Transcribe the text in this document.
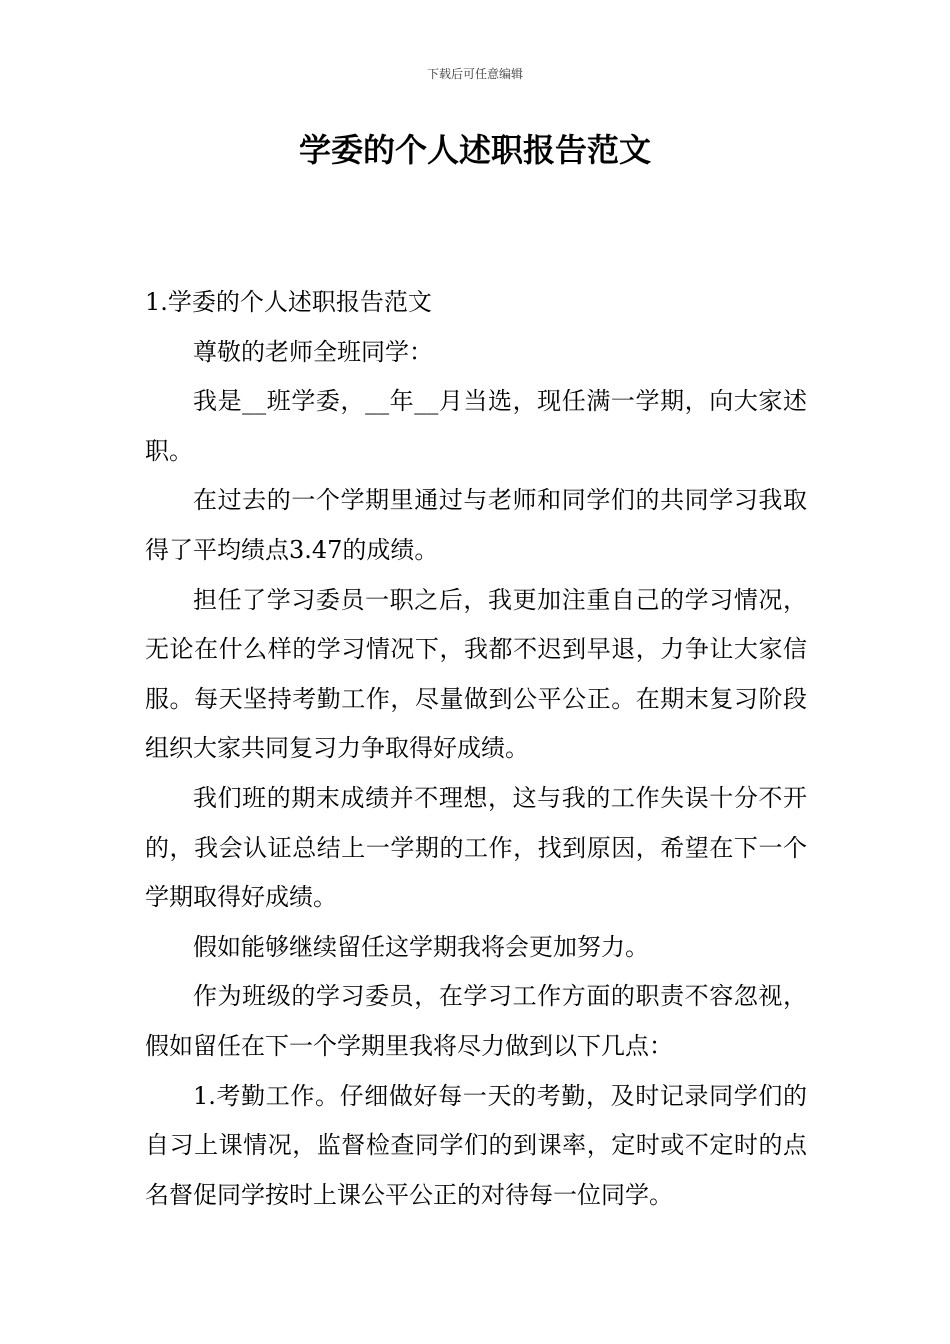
下载后可任意编辑
学委的个人述职报告范文

1.学委的个人述职报告范文

尊敬的老师全班同学：

我是__班学委，__年__月当选，现任满一学期，向大家述职。

在过去的一个学期里通过与老师和同学们的共同学习我取得了平均绩点3.47的成绩。

担任了学习委员一职之后，我更加注重自己的学习情况，无论在什么样的学习情况下，我都不迟到早退，力争让大家信服。每天坚持考勤工作，尽量做到公平公正。在期末复习阶段组织大家共同复习力争取得好成绩。

我们班的期末成绩并不理想，这与我的工作失误十分不开的，我会认证总结上一学期的工作，找到原因，希望在下一个学期取得好成绩。

假如能够继续留任这学期我将会更加努力。

作为班级的学习委员，在学习工作方面的职责不容忽视，假如留任在下一个学期里我将尽力做到以下几点：

1.考勤工作。仔细做好每一天的考勤，及时记录同学们的自习上课情况，监督检查同学们的到课率，定时或不定时的点名督促同学按时上课公平公正的对待每一位同学。
